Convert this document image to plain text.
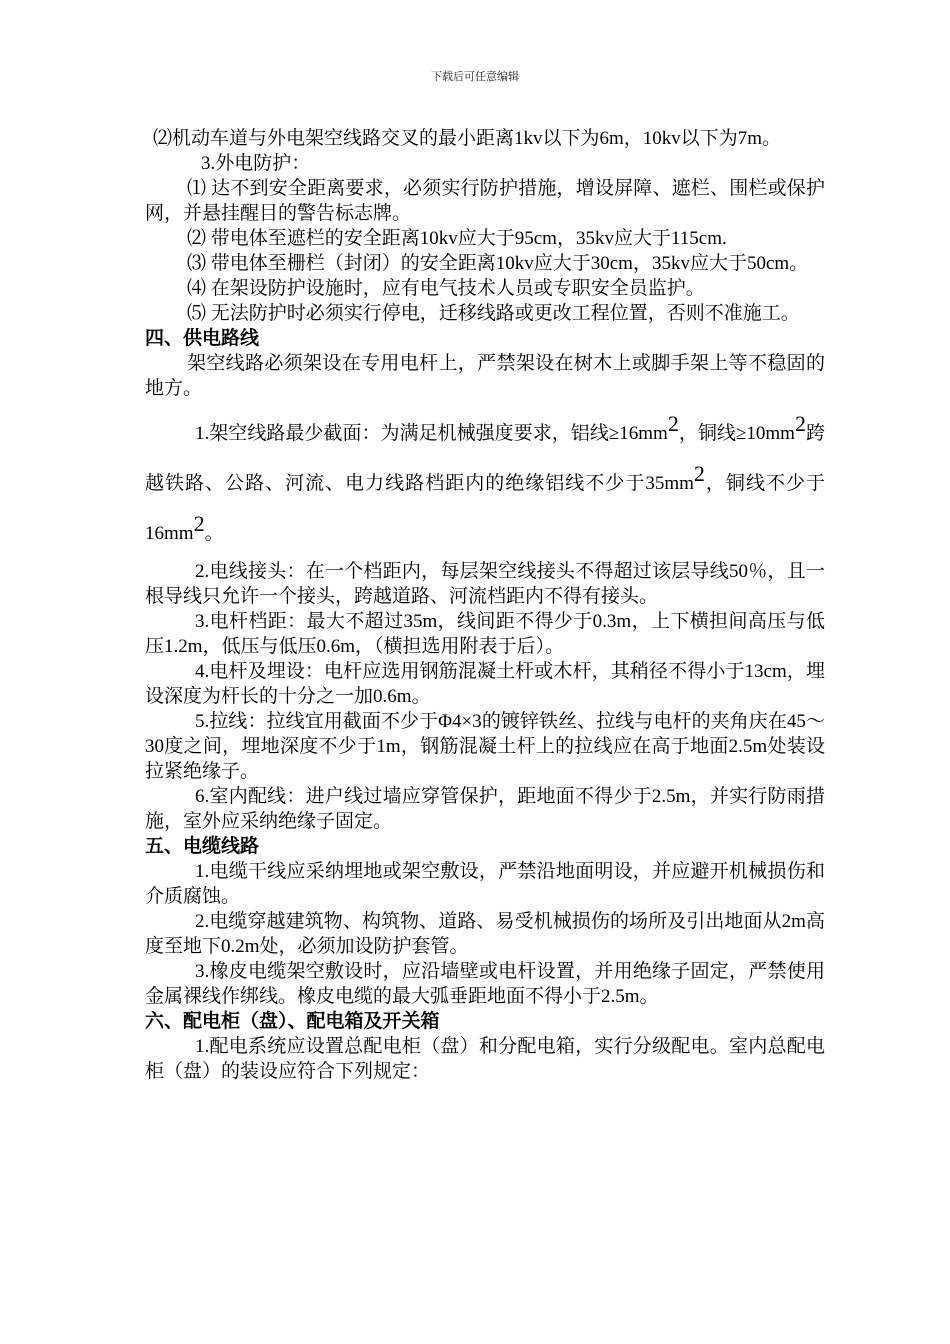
下载后可任意编辑

⑵机动车道与外电架空线路交叉的最小距离1kv以下为6m，10kv以下为7m。

3.外电防护：

⑴ 达不到安全距离要求，必须实行防护措施，增设屏障、遮栏、围栏或保护网，并悬挂醒目的警告标志牌。

⑵ 带电体至遮栏的安全距离10kv应大于95cm，35kv应大于115cm.

⑶ 带电体至栅栏（封闭）的安全距离10kv应大于30cm，35kv应大于50cm。

⑷ 在架设防护设施时，应有电气技术人员或专职安全员监护。

⑸ 无法防护时必须实行停电，迁移线路或更改工程位置，否则不准施工。

四、供电路线

架空线路必须架设在专用电杆上，严禁架设在树木上或脚手架上等不稳固的地方。

1.架空线路最少截面：为满足机械强度要求，铝线$\ge 16mm^2$，铜线$\ge 10mm^2$跨越铁路、公路、河流、电力线路档距内的绝缘铝线不少于$35mm^2$，铜线不少于$16mm^2$。

2.电线接头：在一个档距内，每层架空线接头不得超过该层导线50％，且一根导线只允许一个接头，跨越道路、河流档距内不得有接头。

3.电杆档距：最大不超过35m，线间距不得少于0.3m，上下横担间高压与低压1.2m，低压与低压0.6m，（横担选用附表于后）。

4.电杆及埋设：电杆应选用钢筋混凝土杆或木杆，其稍径不得小于13cm，埋设深度为杆长的十分之一加0.6m。

5.拉线：拉线宜用截面不少于Φ4×3的镀锌铁丝、拉线与电杆的夹角庆在45～30度之间，埋地深度不少于1m，钢筋混凝土杆上的拉线应在高于地面2.5m处装设拉紧绝缘子。

6.室内配线：进户线过墙应穿管保护，距地面不得少于2.5m，并实行防雨措施，室外应采纳绝缘子固定。

五、电缆线路

1.电缆干线应采纳埋地或架空敷设，严禁沿地面明设，并应避开机械损伤和介质腐蚀。

2.电缆穿越建筑物、构筑物、道路、易受机械损伤的场所及引出地面从2m高度至地下0.2m处，必须加设防护套管。

3.橡皮电缆架空敷设时，应沿墙壁或电杆设置，并用绝缘子固定，严禁使用金属裸线作绑线。橡皮电缆的最大弧垂距地面不得小于2.5m。

六、配电柜（盘）、配电箱及开关箱

1.配电系统应设置总配电柜（盘）和分配电箱，实行分级配电。室内总配电柜（盘）的装设应符合下列规定：
